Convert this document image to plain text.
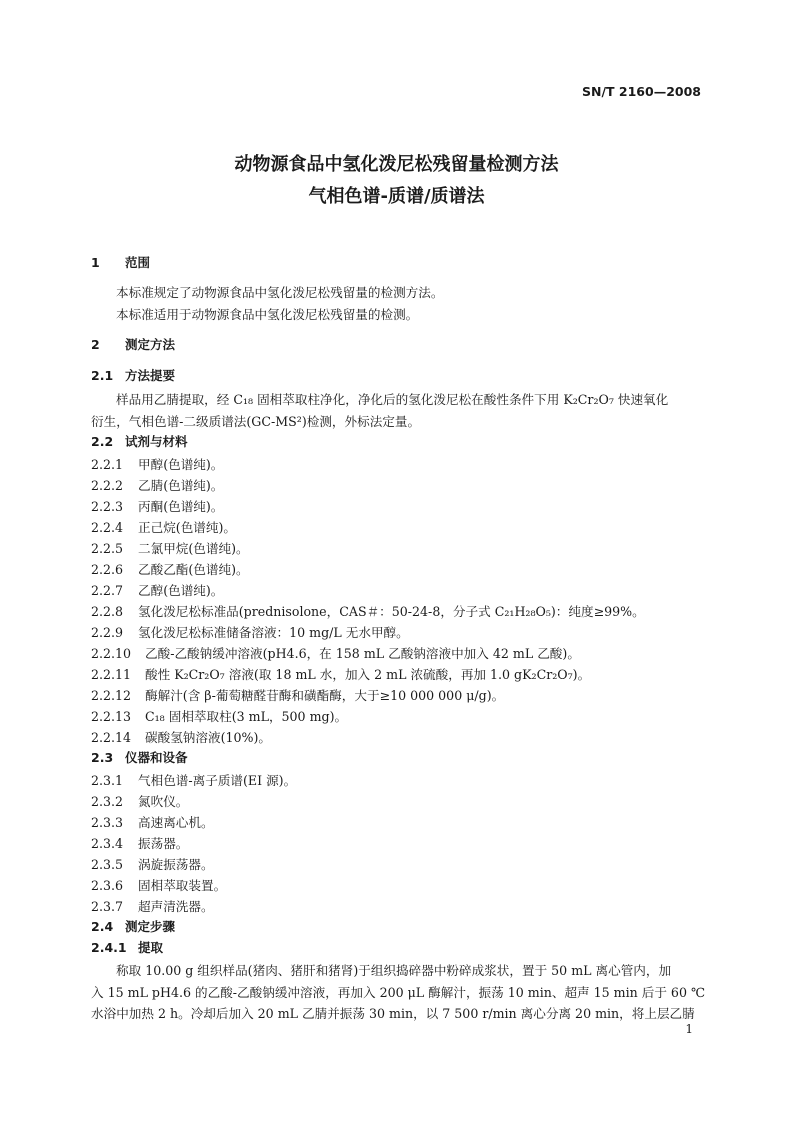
SN/T 2160—2008
动物源食品中氢化泼尼松残留量检测方法
气相色谱-质谱/质谱法
1 范围
本标准规定了动物源食品中氢化泼尼松残留量的检测方法。
本标准适用于动物源食品中氢化泼尼松残留量的检测。
2 测定方法
2.1 方法提要
样品用乙腈提取，经 C₁₈ 固相萃取柱净化，净化后的氢化泼尼松在酸性条件下用 K₂Cr₂O₇ 快速氧化
衍生，气相色谱-二级质谱法(GC-MS²)检测，外标法定量。
2.2 试剂与材料
2.2.1 甲醇(色谱纯)。
2.2.2 乙腈(色谱纯)。
2.2.3 丙酮(色谱纯)。
2.2.4 正己烷(色谱纯)。
2.2.5 二氯甲烷(色谱纯)。
2.2.6 乙酸乙酯(色谱纯)。
2.2.7 乙醇(色谱纯)。
2.2.8 氢化泼尼松标准品(prednisolone，CAS＃：50-24-8，分子式 C₂₁H₂₈O₅)：纯度≥99%。
2.2.9 氢化泼尼松标准储备溶液：10 mg/L 无水甲醇。
2.2.10 乙酸-乙酸钠缓冲溶液(pH4.6，在 158 mL 乙酸钠溶液中加入 42 mL 乙酸)。
2.2.11 酸性 K₂Cr₂O₇ 溶液(取 18 mL 水，加入 2 mL 浓硫酸，再加 1.0 gK₂Cr₂O₇)。
2.2.12 酶解汁(含 β-葡萄糖醛苷酶和磺酯酶，大于≥10 000 000 μ/g)。
2.2.13 C₁₈ 固相萃取柱(3 mL，500 mg)。
2.2.14 碳酸氢钠溶液(10%)。
2.3 仪器和设备
2.3.1 气相色谱-离子质谱(EI 源)。
2.3.2 氮吹仪。
2.3.3 高速离心机。
2.3.4 振荡器。
2.3.5 涡旋振荡器。
2.3.6 固相萃取装置。
2.3.7 超声清洗器。
2.4 测定步骤
2.4.1 提取
称取 10.00 g 组织样品(猪肉、猪肝和猪肾)于组织捣碎器中粉碎成浆状，置于 50 mL 离心管内，加
入 15 mL pH4.6 的乙酸-乙酸钠缓冲溶液，再加入 200 μL 酶解汁，振荡 10 min、超声 15 min 后于 60 ℃
水浴中加热 2 h。冷却后加入 20 mL 乙腈并振荡 30 min，以 7 500 r/min 离心分离 20 min，将上层乙腈
1
